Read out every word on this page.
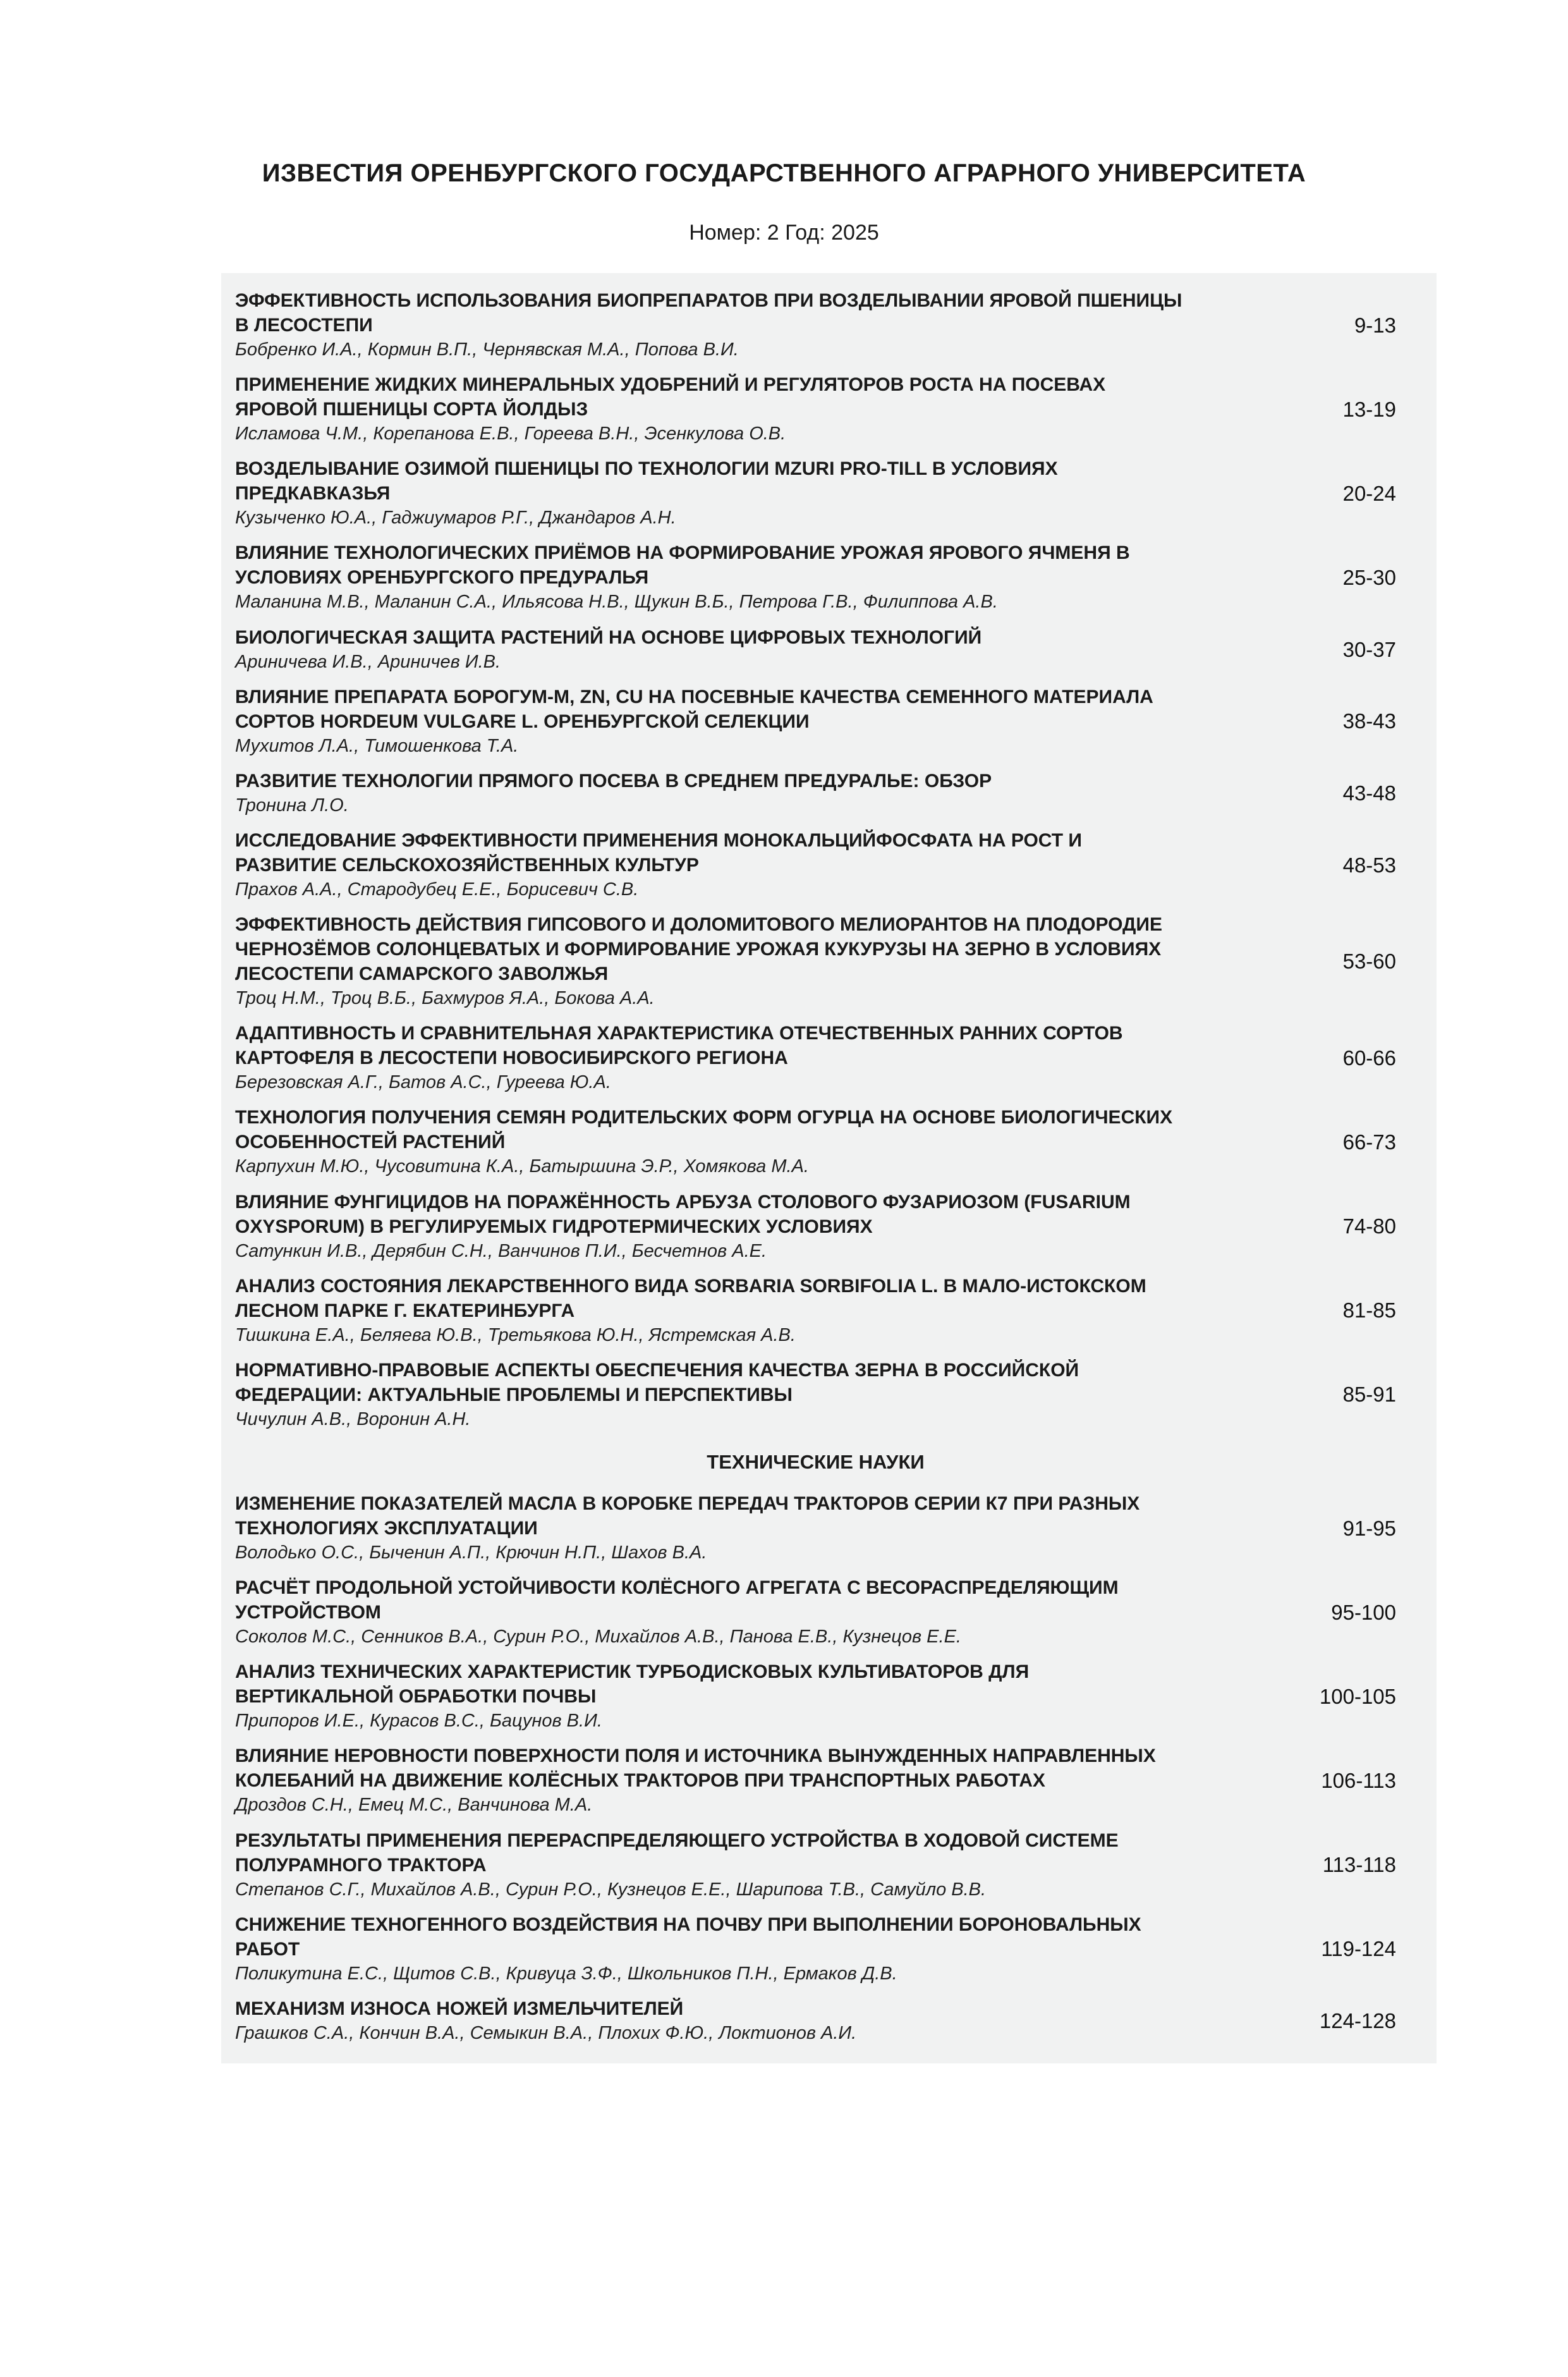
ИЗВЕСТИЯ ОРЕНБУРГСКОГО ГОСУДАРСТВЕННОГО АГРАРНОГО УНИВЕРСИТЕТА
Номер: 2 Год: 2025
ЭФФЕКТИВНОСТЬ ИСПОЛЬЗОВАНИЯ БИОПРЕПАРАТОВ ПРИ ВОЗДЕЛЫВАНИИ ЯРОВОЙ ПШЕНИЦЫ В ЛЕСОСТЕПИ
Бобренко И.А., Кормин В.П., Чернявская М.А., Попова В.И.
9-13
ПРИМЕНЕНИЕ ЖИДКИХ МИНЕРАЛЬНЫХ УДОБРЕНИЙ И РЕГУЛЯТОРОВ РОСТА НА ПОСЕВАХ ЯРОВОЙ ПШЕНИЦЫ СОРТА ЙОЛДЫЗ
Исламова Ч.М., Корепанова Е.В., Гореева В.Н., Эсенкулова О.В.
13-19
ВОЗДЕЛЫВАНИЕ ОЗИМОЙ ПШЕНИЦЫ ПО ТЕХНОЛОГИИ MZURI PRO-TILL В УСЛОВИЯХ ПРЕДКАВКАЗЬЯ
Кузыченко Ю.А., Гаджиумаров Р.Г., Джандаров А.Н.
20-24
ВЛИЯНИЕ ТЕХНОЛОГИЧЕСКИХ ПРИЁМОВ НА ФОРМИРОВАНИЕ УРОЖАЯ ЯРОВОГО ЯЧМЕНЯ В УСЛОВИЯХ ОРЕНБУРГСКОГО ПРЕДУРАЛЬЯ
Маланина М.В., Маланин С.А., Ильясова Н.В., Щукин В.Б., Петрова Г.В., Филиппова А.В.
25-30
БИОЛОГИЧЕСКАЯ ЗАЩИТА РАСТЕНИЙ НА ОСНОВЕ ЦИФРОВЫХ ТЕХНОЛОГИЙ
Ариничева И.В., Ариничев И.В.
30-37
ВЛИЯНИЕ ПРЕПАРАТА БОРОГУМ-М, ZN, CU НА ПОСЕВНЫЕ КАЧЕСТВА СЕМЕННОГО МАТЕРИАЛА СОРТОВ HORDEUM VULGARE L. ОРЕНБУРГСКОЙ СЕЛЕКЦИИ
Мухитов Л.А., Тимошенкова Т.А.
38-43
РАЗВИТИЕ ТЕХНОЛОГИИ ПРЯМОГО ПОСЕВА В СРЕДНЕМ ПРЕДУРАЛЬЕ: ОБЗОР
Тронина Л.О.
43-48
ИССЛЕДОВАНИЕ ЭФФЕКТИВНОСТИ ПРИМЕНЕНИЯ МОНОКАЛЬЦИЙФОСФАТА НА РОСТ И РАЗВИТИЕ СЕЛЬСКОХОЗЯЙСТВЕННЫХ КУЛЬТУР
Прахов А.А., Стародубец Е.Е., Борисевич С.В.
48-53
ЭФФЕКТИВНОСТЬ ДЕЙСТВИЯ ГИПСОВОГО И ДОЛОМИТОВОГО МЕЛИОРАНТОВ НА ПЛОДОРОДИЕ ЧЕРНОЗЁМОВ СОЛОНЦЕВАТЫХ И ФОРМИРОВАНИЕ УРОЖАЯ КУКУРУЗЫ НА ЗЕРНО В УСЛОВИЯХ ЛЕСОСТЕПИ САМАРСКОГО ЗАВОЛЖЬЯ
Троц Н.М., Троц В.Б., Бахмуров Я.А., Бокова А.А.
53-60
АДАПТИВНОСТЬ И СРАВНИТЕЛЬНАЯ ХАРАКТЕРИСТИКА ОТЕЧЕСТВЕННЫХ РАННИХ СОРТОВ КАРТОФЕЛЯ В ЛЕСОСТЕПИ НОВОСИБИРСКОГО РЕГИОНА
Березовская А.Г., Батов А.С., Гуреева Ю.А.
60-66
ТЕХНОЛОГИЯ ПОЛУЧЕНИЯ СЕМЯН РОДИТЕЛЬСКИХ ФОРМ ОГУРЦА НА ОСНОВЕ БИОЛОГИЧЕСКИХ ОСОБЕННОСТЕЙ РАСТЕНИЙ
Карпухин М.Ю., Чусовитина К.А., Батыршина Э.Р., Хомякова М.А.
66-73
ВЛИЯНИЕ ФУНГИЦИДОВ НА ПОРАЖЁННОСТЬ АРБУЗА СТОЛОВОГО ФУЗАРИОЗОМ (FUSARIUM OXYSPORUM) В РЕГУЛИРУЕМЫХ ГИДРОТЕРМИЧЕСКИХ УСЛОВИЯХ
Сатункин И.В., Дерябин С.Н., Ванчинов П.И., Бесчетнов А.Е.
74-80
АНАЛИЗ СОСТОЯНИЯ ЛЕКАРСТВЕННОГО ВИДА SORBARIA SORBIFOLIA L. В МАЛО-ИСТОКСКОМ ЛЕСНОМ ПАРКЕ Г. ЕКАТЕРИНБУРГА
Тишкина Е.А., Беляева Ю.В., Третьякова Ю.Н., Ястремская А.В.
81-85
НОРМАТИВНО-ПРАВОВЫЕ АСПЕКТЫ ОБЕСПЕЧЕНИЯ КАЧЕСТВА ЗЕРНА В РОССИЙСКОЙ ФЕДЕРАЦИИ: АКТУАЛЬНЫЕ ПРОБЛЕМЫ И ПЕРСПЕКТИВЫ
Чичулин А.В., Воронин А.Н.
85-91
ТЕХНИЧЕСКИЕ НАУКИ
ИЗМЕНЕНИЕ ПОКАЗАТЕЛЕЙ МАСЛА В КОРОБКЕ ПЕРЕДАЧ ТРАКТОРОВ СЕРИИ К7 ПРИ РАЗНЫХ ТЕХНОЛОГИЯХ ЭКСПЛУАТАЦИИ
Володько О.С., Быченин А.П., Крючин Н.П., Шахов В.А.
91-95
РАСЧЁТ ПРОДОЛЬНОЙ УСТОЙЧИВОСТИ КОЛЁСНОГО АГРЕГАТА С ВЕСОРАСПРЕДЕЛЯЮЩИМ УСТРОЙСТВОМ
Соколов М.С., Сенников В.А., Сурин Р.О., Михайлов А.В., Панова Е.В., Кузнецов Е.Е.
95-100
АНАЛИЗ ТЕХНИЧЕСКИХ ХАРАКТЕРИСТИК ТУРБОДИСКОВЫХ КУЛЬТИВАТОРОВ ДЛЯ ВЕРТИКАЛЬНОЙ ОБРАБОТКИ ПОЧВЫ
Припоров И.Е., Курасов В.С., Бацунов В.И.
100-105
ВЛИЯНИЕ НЕРОВНОСТИ ПОВЕРХНОСТИ ПОЛЯ И ИСТОЧНИКА ВЫНУЖДЕННЫХ НАПРАВЛЕННЫХ КОЛЕБАНИЙ НА ДВИЖЕНИЕ КОЛЁСНЫХ ТРАКТОРОВ ПРИ ТРАНСПОРТНЫХ РАБОТАХ
Дроздов С.Н., Емец М.С., Ванчинова М.А.
106-113
РЕЗУЛЬТАТЫ ПРИМЕНЕНИЯ ПЕРЕРАСПРЕДЕЛЯЮЩЕГО УСТРОЙСТВА В ХОДОВОЙ СИСТЕМЕ ПОЛУРАМНОГО ТРАКТОРА
Степанов С.Г., Михайлов А.В., Сурин Р.О., Кузнецов Е.Е., Шарипова Т.В., Самуйло В.В.
113-118
СНИЖЕНИЕ ТЕХНОГЕННОГО ВОЗДЕЙСТВИЯ НА ПОЧВУ ПРИ ВЫПОЛНЕНИИ БОРОНОВАЛЬНЫХ РАБОТ
Поликутина Е.С., Щитов С.В., Кривуца З.Ф., Школьников П.Н., Ермаков Д.В.
119-124
МЕХАНИЗМ ИЗНОСА НОЖЕЙ ИЗМЕЛЬЧИТЕЛЕЙ
Грашков С.А., Кончин В.А., Семыкин В.А., Плохих Ф.Ю., Локтионов А.И.
124-128
